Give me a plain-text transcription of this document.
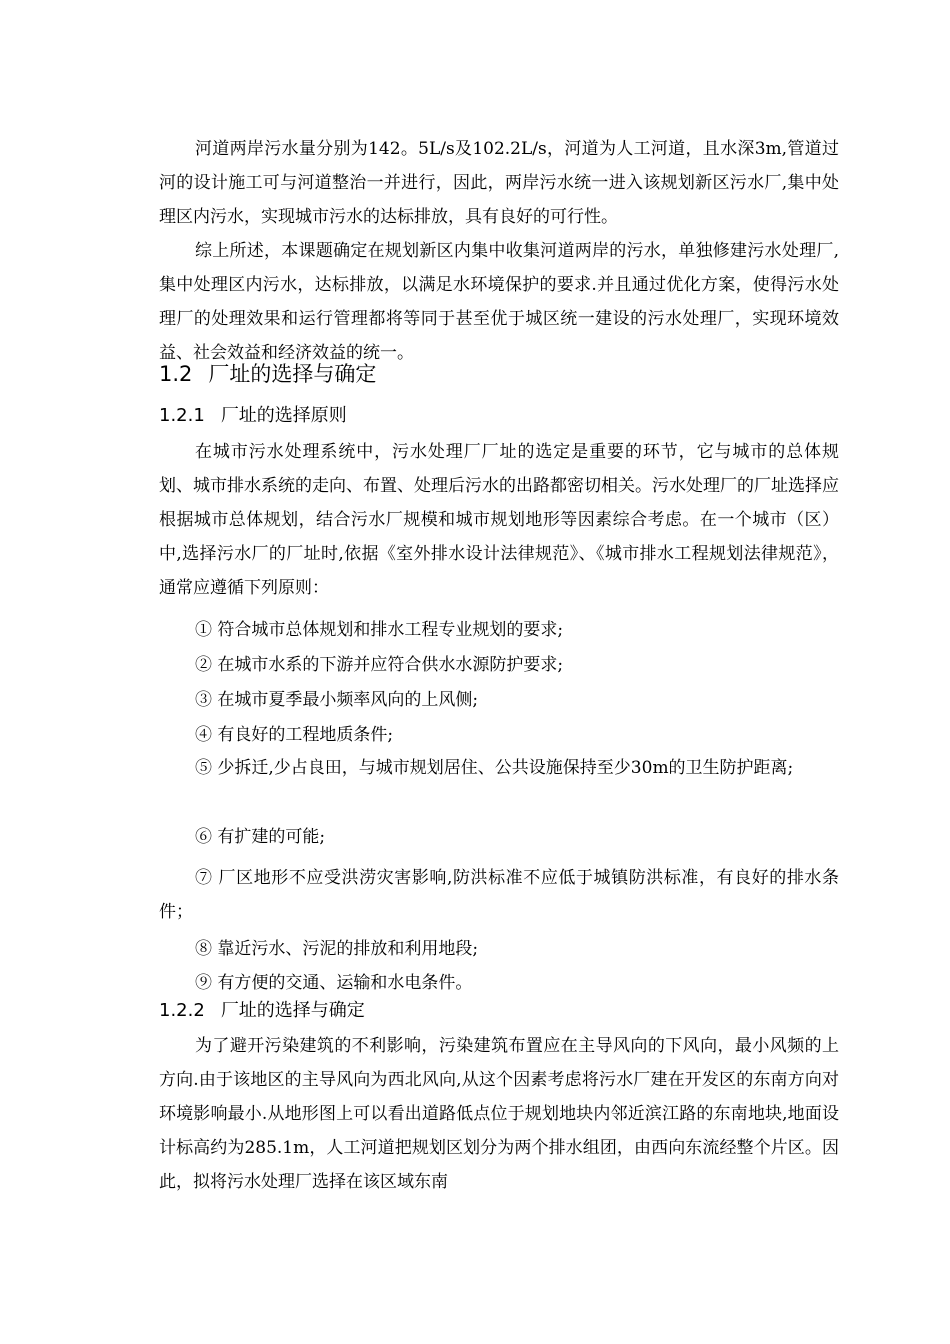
河道两岸污水量分别为142。5L/s及102.2L/s，河道为人工河道，且水深3m,管道过河的设计施工可与河道整治一并进行，因此，两岸污水统一进入该规划新区污水厂,集中处理区内污水，实现城市污水的达标排放，具有良好的可行性。

综上所述，本课题确定在规划新区内集中收集河道两岸的污水，单独修建污水处理厂,集中处理区内污水，达标排放，以满足水环境保护的要求.并且通过优化方案，使得污水处理厂的处理效果和运行管理都将等同于甚至优于城区统一建设的污水处理厂，实现环境效益、社会效益和经济效益的统一。

1.2 厂址的选择与确定
1.2.1 厂址的选择原则

在城市污水处理系统中，污水处理厂厂址的选定是重要的环节，它与城市的总体规划、城市排水系统的走向、布置、处理后污水的出路都密切相关。污水处理厂的厂址选择应根据城市总体规划，结合污水厂规模和城市规划地形等因素综合考虑。在一个城市（区）中,选择污水厂的厂址时,依据《室外排水设计法律规范》、《城市排水工程规划法律规范》，通常应遵循下列原则：

① 符合城市总体规划和排水工程专业规划的要求;

② 在城市水系的下游并应符合供水水源防护要求;

③ 在城市夏季最小频率风向的上风侧;

④ 有良好的工程地质条件;

⑤ 少拆迁,少占良田，与城市规划居住、公共设施保持至少30m的卫生防护距离;

⑥ 有扩建的可能;

⑦ 厂区地形不应受洪涝灾害影响,防洪标准不应低于城镇防洪标准，有良好的排水条件；

⑧ 靠近污水、污泥的排放和利用地段;

⑨ 有方便的交通、运输和水电条件。

1.2.2 厂址的选择与确定

为了避开污染建筑的不利影响，污染建筑布置应在主导风向的下风向，最小风频的上方向.由于该地区的主导风向为西北风向,从这个因素考虑将污水厂建在开发区的东南方向对环境影响最小.从地形图上可以看出道路低点位于规划地块内邻近滨江路的东南地块,地面设计标高约为285.1m，人工河道把规划区划分为两个排水组团，由西向东流经整个片区。因此，拟将污水处理厂选择在该区域东南
